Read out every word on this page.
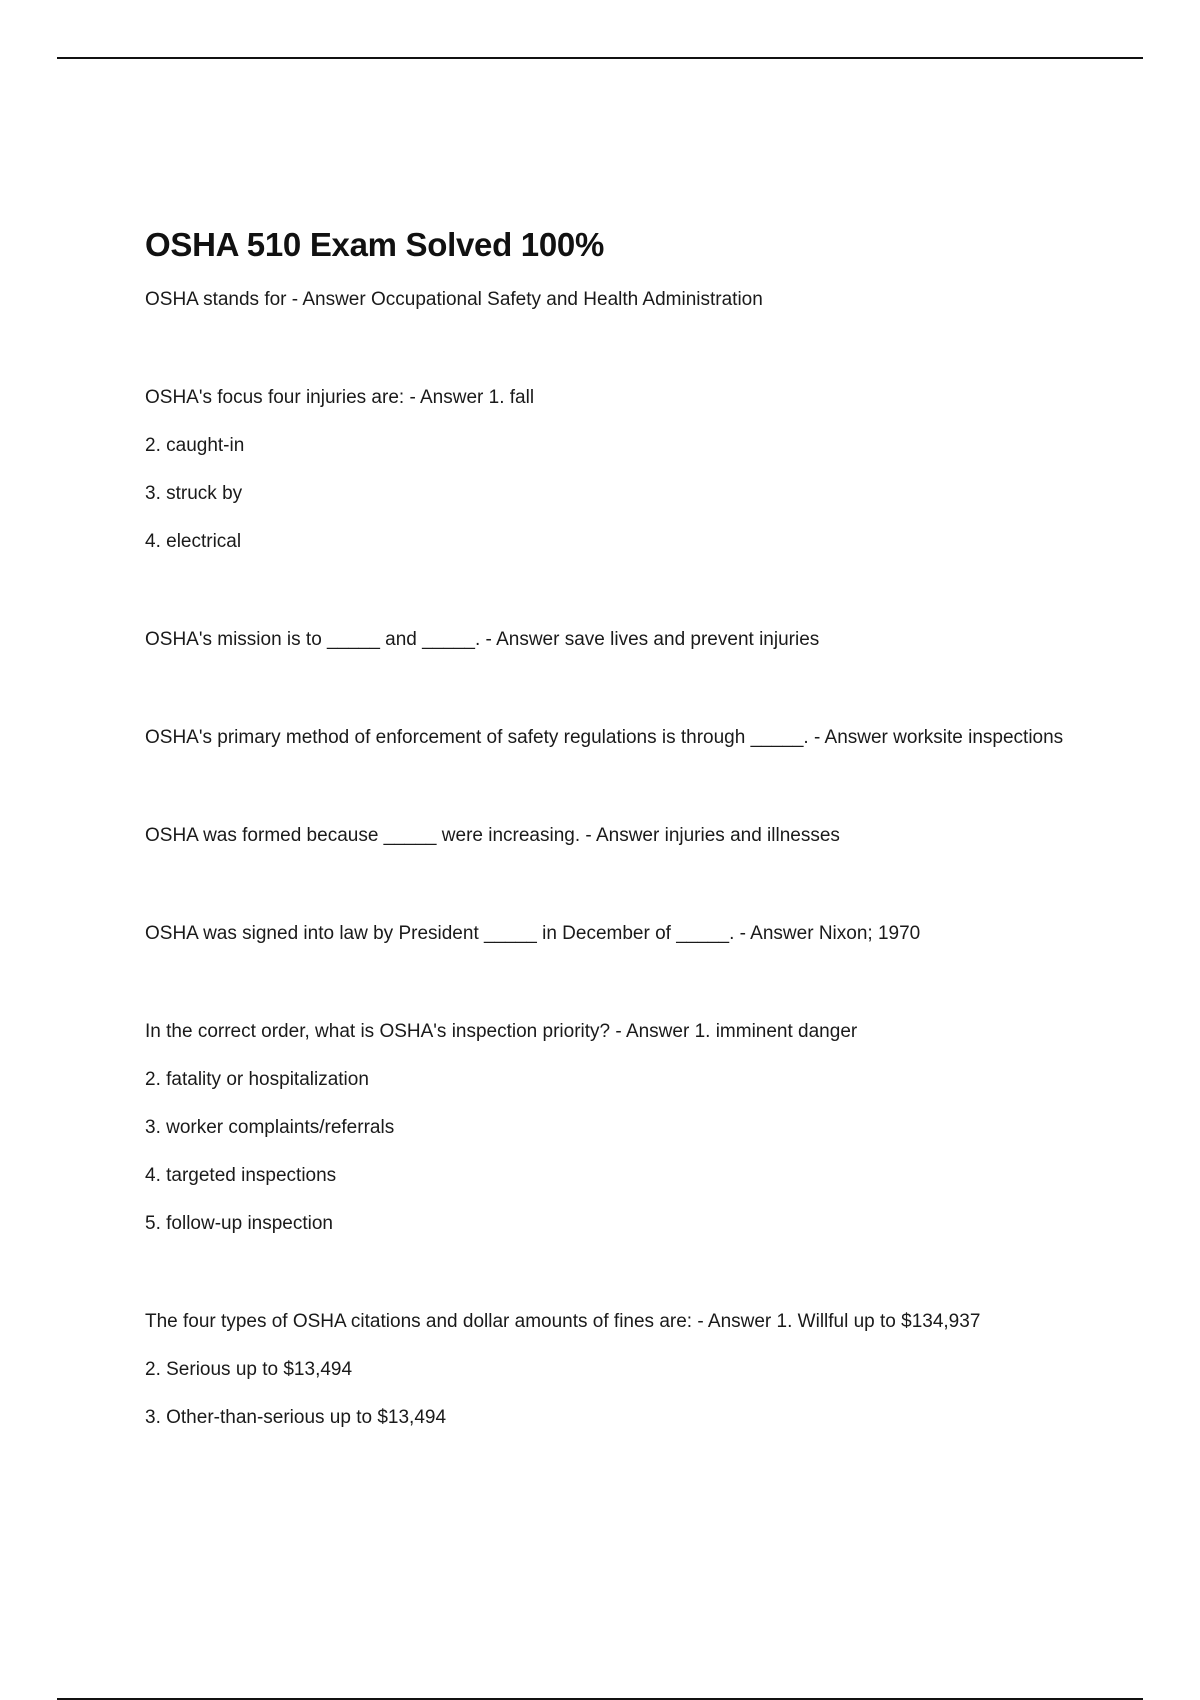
OSHA 510 Exam Solved 100%

OSHA stands for - Answer Occupational Safety and Health Administration

OSHA's focus four injuries are: - Answer 1. fall

2. caught-in

3. struck by

4. electrical

OSHA's mission is to _____ and _____. - Answer save lives and prevent injuries

OSHA's primary method of enforcement of safety regulations is through _____. - Answer worksite inspections

OSHA was formed because _____ were increasing. - Answer injuries and illnesses

OSHA was signed into law by President _____ in December of _____. - Answer Nixon; 1970

In the correct order, what is OSHA's inspection priority? - Answer 1. imminent danger

2. fatality or hospitalization

3. worker complaints/referrals

4. targeted inspections

5. follow-up inspection

The four types of OSHA citations and dollar amounts of fines are: - Answer 1. Willful up to $134,937

2. Serious up to $13,494

3. Other-than-serious up to $13,494
